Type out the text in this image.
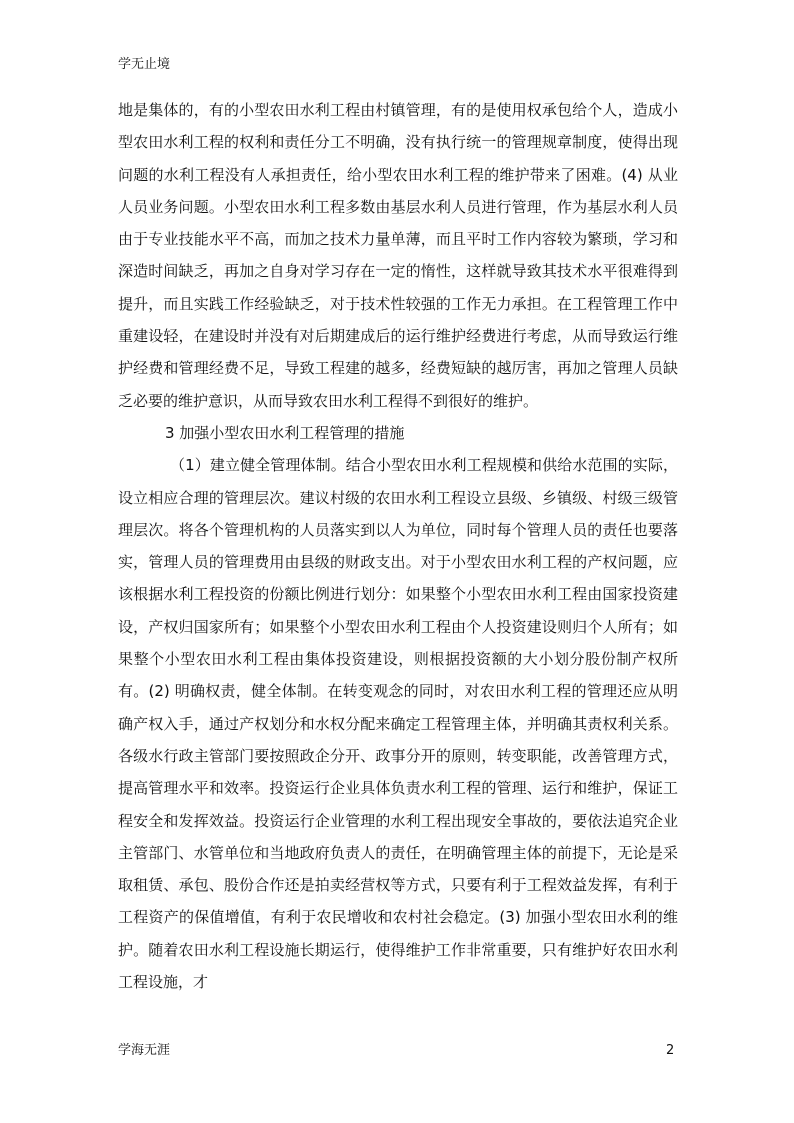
学无止境

地是集体的，有的小型农田水利工程由村镇管理，有的是使用权承包给个人，造成小型农田水利工程的权利和责任分工不明确，没有执行统一的管理规章制度，使得出现问题的水利工程没有人承担责任，给小型农田水利工程的维护带来了困难。(4) 从业人员业务问题。小型农田水利工程多数由基层水利人员进行管理，作为基层水利人员由于专业技能水平不高，而加之技术力量单薄，而且平时工作内容较为繁琐，学习和深造时间缺乏，再加之自身对学习存在一定的惰性，这样就导致其技术水平很难得到提升，而且实践工作经验缺乏，对于技术性较强的工作无力承担。在工程管理工作中重建设轻，在建设时并没有对后期建成后的运行维护经费进行考虑，从而导致运行维护经费和管理经费不足，导致工程建的越多，经费短缺的越厉害，再加之管理人员缺乏必要的维护意识，从而导致农田水利工程得不到很好的维护。

3 加强小型农田水利工程管理的措施

（1）建立健全管理体制。结合小型农田水利工程规模和供给水范围的实际，设立相应合理的管理层次。建议村级的农田水利工程设立县级、乡镇级、村级三级管理层次。将各个管理机构的人员落实到以人为单位，同时每个管理人员的责任也要落实，管理人员的管理费用由县级的财政支出。对于小型农田水利工程的产权问题，应该根据水利工程投资的份额比例进行划分：如果整个小型农田水利工程由国家投资建设，产权归国家所有；如果整个小型农田水利工程由个人投资建设则归个人所有；如果整个小型农田水利工程由集体投资建设，则根据投资额的大小划分股份制产权所有。(2) 明确权责，健全体制。在转变观念的同时，对农田水利工程的管理还应从明确产权入手，通过产权划分和水权分配来确定工程管理主体，并明确其责权利关系。各级水行政主管部门要按照政企分开、政事分开的原则，转变职能，改善管理方式，提高管理水平和效率。投资运行企业具体负责水利工程的管理、运行和维护，保证工程安全和发挥效益。投资运行企业管理的水利工程出现安全事故的，要依法追究企业主管部门、水管单位和当地政府负责人的责任，在明确管理主体的前提下，无论是采取租赁、承包、股份合作还是拍卖经营权等方式，只要有利于工程效益发挥，有利于工程资产的保值增值，有利于农民增收和农村社会稳定。(3) 加强小型农田水利的维护。随着农田水利工程设施长期运行，使得维护工作非常重要，只有维护好农田水利工程设施，才

学海无涯	2
